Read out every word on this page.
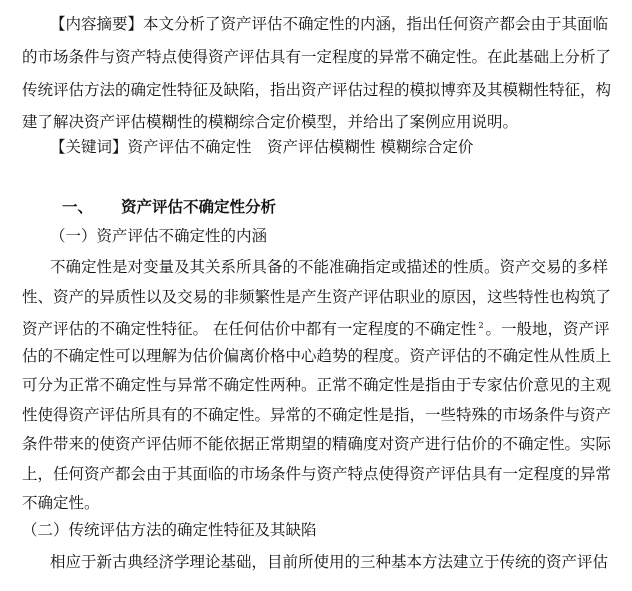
【内容摘要】本文分析了资产评估不确定性的内涵，指出任何资产都会由于其面临
的市场条件与资产特点使得资产评估具有一定程度的异常不确定性。在此基础上分析了
传统评估方法的确定性特征及缺陷，指出资产评估过程的模拟博弈及其模糊性特征，构
建了解决资产评估模糊性的模糊综合定价模型，并给出了案例应用说明。
【关键词】资产评估不确定性　资产评估模糊性 模糊综合定价
一、 资产评估不确定性分析
（一）资产评估不确定性的内涵
不确定性是对变量及其关系所具备的不能准确指定或描述的性质。资产交易的多样
性、资产的异质性以及交易的非频繁性是产生资产评估职业的原因，这些特性也构筑了
资产评估的不确定性特征。 在任何估价中都有一定程度的不确定性 $^2$ 。一般地，资产评
估的不确定性可以理解为估价偏离价格中心趋势的程度。资产评估的不确定性从性质上
可分为正常不确定性与异常不确定性两种。正常不确定性是指由于专家估价意见的主观
性使得资产评估所具有的不确定性。异常的不确定性是指，一些特殊的市场条件与资产
条件带来的使资产评估师不能依据正常期望的精确度对资产进行估价的不确定性。实际
上，任何资产都会由于其面临的市场条件与资产特点使得资产评估具有一定程度的异常
不确定性。
（二）传统评估方法的确定性特征及其缺陷
相应于新古典经济学理论基础，目前所使用的三种基本方法建立于传统的资产评估
